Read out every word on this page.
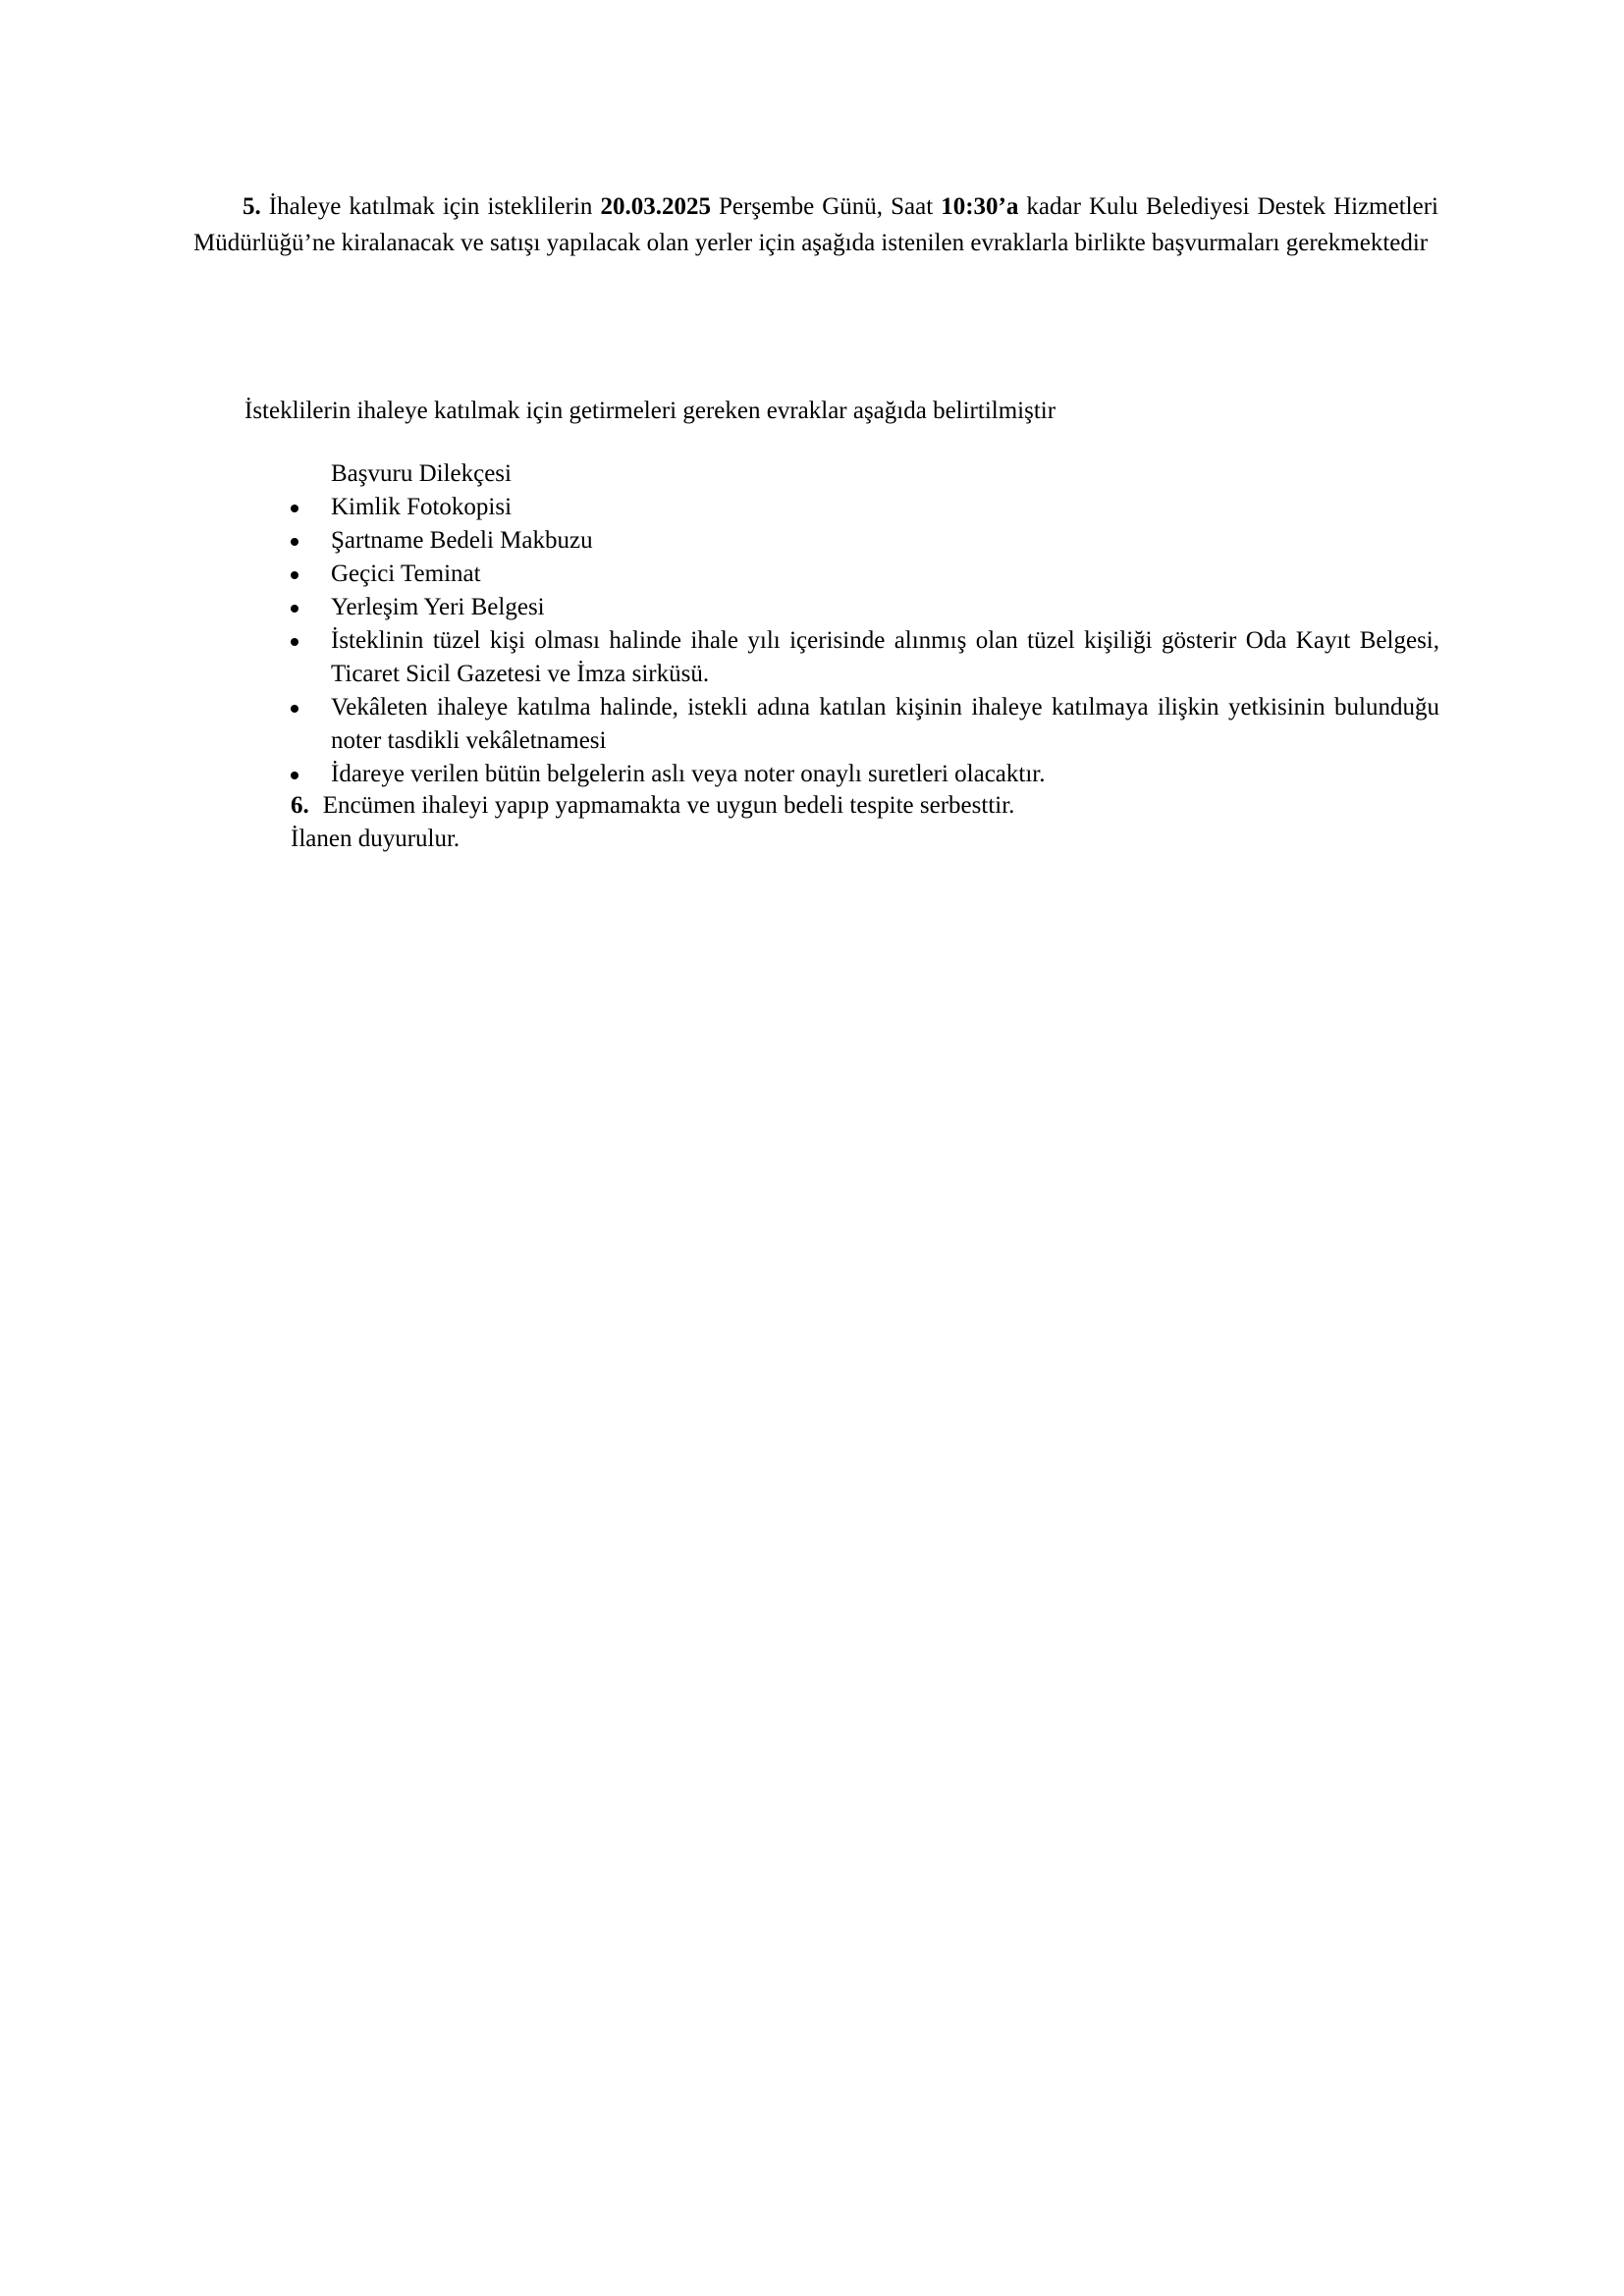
5. İhaleye katılmak için isteklilerin 20.03.2025 Perşembe Günü, Saat 10:30’a kadar Kulu Belediyesi Destek Hizmetleri Müdürlüğü’ne kiralanacak ve satışı yapılacak olan yerler için aşağıda istenilen evraklarla birlikte başvurmaları gerekmektedir

İsteklilerin ihaleye katılmak için getirmeleri gereken evraklar aşağıda belirtilmiştir
Başvuru Dilekçesi
Kimlik Fotokopisi
Şartname Bedeli Makbuzu
Geçici Teminat
Yerleşim Yeri Belgesi
İsteklinin tüzel kişi olması halinde ihale yılı içerisinde alınmış olan tüzel kişiliği gösterir Oda Kayıt Belgesi, Ticaret Sicil Gazetesi ve İmza sirküsü.
Vekâleten ihaleye katılma halinde, istekli adına katılan kişinin ihaleye katılmaya ilişkin yetkisinin bulunduğu noter tasdikli vekâletnamesi
İdareye verilen bütün belgelerin aslı veya noter onaylı suretleri olacaktır.
6. Encümen ihaleyi yapıp yapmamakta ve uygun bedeli tespite serbesttir.
İlanen duyurulur.
